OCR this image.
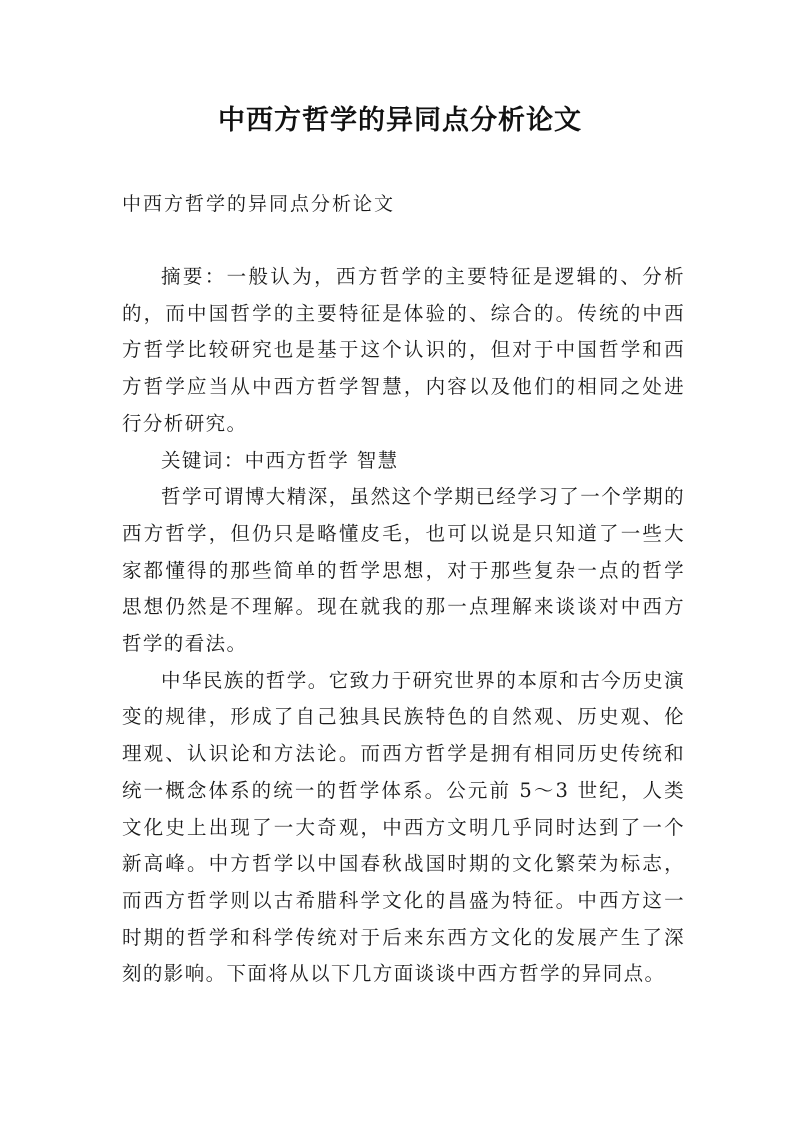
中西方哲学的异同点分析论文

中西方哲学的异同点分析论文

摘要：一般认为，西方哲学的主要特征是逻辑的、分析的，而中国哲学的主要特征是体验的、综合的。传统的中西方哲学比较研究也是基于这个认识的，但对于中国哲学和西方哲学应当从中西方哲学智慧，内容以及他们的相同之处进行分析研究。

关键词：中西方哲学 智慧

哲学可谓博大精深，虽然这个学期已经学习了一个学期的西方哲学，但仍只是略懂皮毛，也可以说是只知道了一些大家都懂得的那些简单的哲学思想，对于那些复杂一点的哲学思想仍然是不理解。现在就我的那一点理解来谈谈对中西方哲学的看法。

中华民族的哲学。它致力于研究世界的本原和古今历史演变的规律，形成了自己独具民族特色的自然观、历史观、伦理观、认识论和方法论。而西方哲学是拥有相同历史传统和统一概念体系的统一的哲学体系。公元前 5～3 世纪，人类文化史上出现了一大奇观，中西方文明几乎同时达到了一个新高峰。中方哲学以中国春秋战国时期的文化繁荣为标志，而西方哲学则以古希腊科学文化的昌盛为特征。中西方这一时期的哲学和科学传统对于后来东西方文化的发展产生了深刻的影响。下面将从以下几方面谈谈中西方哲学的异同点。
